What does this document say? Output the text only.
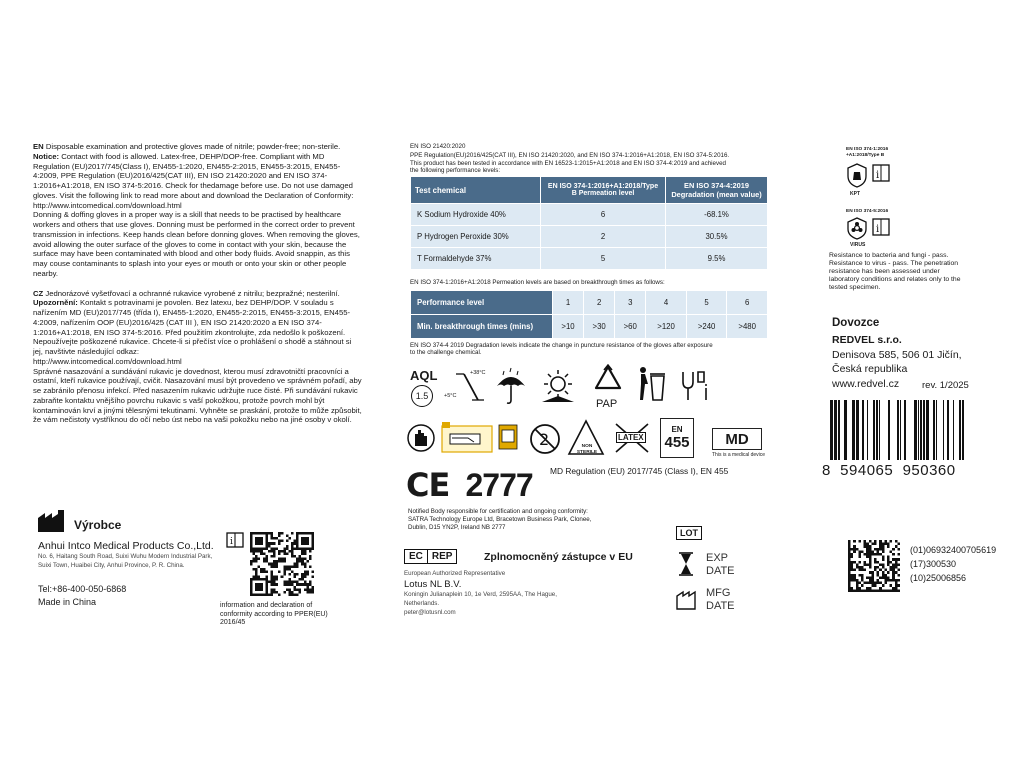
EN Disposable examination and protective gloves made of nitrile; powder-free; non-sterile.

Notice: Contact with food is allowed. Latex-free, DEHP/DOP-free. Compliant with MD Regulation (EU)2017/745(Class I), EN455-1:2020, EN455-2:2015, EN455-3:2015, EN455-4:2009, PPE Regulation (EU)2016/425(CAT III), EN ISO 21420:2020 and EN ISO 374-1:2016+A1:2018, EN ISO 374-5:2016. Check for thedamage before use. Do not use damaged gloves. Visit the following link to read more about and download the Declaration of Conformity:

http://www.intcomedical.com/download.html

Donning & doffing gloves in a proper way is a skill that needs to be practised by healthcare workers and others that use gloves. Donning must be performed in the correct order to prevent transmission in infections. Keep hands clean before donning gloves. When removing the gloves, avoid allowing the outer surface of the gloves to come in contact with your skin, because the surface may have been contaminated with blood and other body fluids. Avoid snappin, as this may couse contaminants to splash into your eyes or mouth or onto your skin or other people nearby.

CZ Jednorázové vyšetřovací a ochranné rukavice vyrobené z nitrilu; bezpražné; nesterilní.

Upozornění: Kontakt s potravinami je povolen. Bez latexu, bez DEHP/DOP. V souladu s nařízením MD (EU)2017/745 (třída I), EN455-1:2020, EN455-2:2015, EN455-3:2015, EN455-4:2009, nařízením OOP (EU)2016/425 (CAT III ), EN ISO 21420:2020 a EN ISO 374-1:2016+A1:2018, EN ISO 374-5:2016. Před použitím zkontrolujte, zda nedošlo k poškození. Nepoužívejte poškozené rukavice. Chcete-li si přečíst více o prohlášení o shodě a stáhnout si jej, navštivte následující odkaz:

http://www.intcomedical.com/download.html

Správné nasazování a sundávání rukavic je dovednost, kterou musí zdravotničtí pracovníci a ostatní, kteří rukavice používají, cvičit. Nasazování musí být provedeno ve správném pořadí, aby se zabránilo přenosu infekcí. Před nasazením rukavic udržujte ruce čisté. Při sundávání rukavic zabraňte kontaktu vnějšího povrchu rukavic s vaší pokožkou, protože povrch mohl být kontaminován krví a jinými tělesnými tekutinami. Vyhněte se praskání, protože to může způsobit, že vám nečistoty vystříknou do očí nebo úst nebo na vaši pokožku nebo na jiné osoby v okolí.

Výrobce
Anhui Intco Medical Products Co.,Ltd. i
No. 6, Haitang South Road, Suixi Wuhu Modern Industrial Park,
Suixi Town, Huaibei City, Anhui Province, P. R. China.
Tel:+86-400-050-6868
Made in China	information and declaration of conformity according to PPER(EU) 2016/45
EN ISO 21420:2020
PPE Regulation(EU)2016/425(CAT III), EN ISO 21420:2020, and EN ISO 374-1:2016+A1:2018, EN ISO 374-5:2016.
This product has been tested in accordance with EN 16523-1:2015+A1:2018 and EN ISO 374-4:2019 and achieved
the following performance levels:
Test chemical	EN ISO 374-1:2016+A1:2018/Type B Permeation level	EN ISO 374-4:2019 Degradation (mean value)
K Sodium Hydroxide 40%	6	-68.1%
P Hydrogen Peroxide 30%	2	30.5%
T Formaldehyde 37%	5	9.5%
EN ISO 374-1:2016+A1:2018 Permeation levels are based on breakthrough times as follows:
Performance level	1	2	3	4	5	6
Min. breakthrough times (mins)	>10	>30	>60	>120	>240	>480
EN ISO 374-4 2019 Degradation levels indicate the change in puncture resistance of the gloves after exposure
to the challenge chemical.
AQL
1.5
+38°C
+5°C
PAP
2	NON STERILE
LATEX
EN
455 MD
This is a medical device
MD Regulation (EU) 2017/745 (Class I), EN 455
CE 2777
Notified Body responsible for certification and ongoing conformity:
SATRA Technology Europe Ltd, Bracetown Business Park, Clonee,
Dublin, D15 YN2P, Ireland NB 2777
EC REP	Zplnomocněný zástupce v EU
European Authorized Representative
Lotus NL B.V.
Koningin Julianaplein 10, 1e Verd, 2595AA, The Hague,
Netherlands.
peter@lotusnl.com
LOT
EXP
DATE
MFG
DATE
EN ISO 374-1:2016
+A1:2018/Type B
i
KPT
EN ISO 374-5:2016
i
VIRUS
Resistance to bacteria and fungi - pass. Resistance to virus - pass. The penetration resistance has been assessed under laboratory conditions and relates only to the tested specimen.
Dovozce
REDVEL s.r.o.
Denisova 585, 506 01 Jičín,
Česká republika
www.redvel.cz rev. 1/2025
8  594065  950360
(01)06932400705619
(17)300530
(10)25006856
